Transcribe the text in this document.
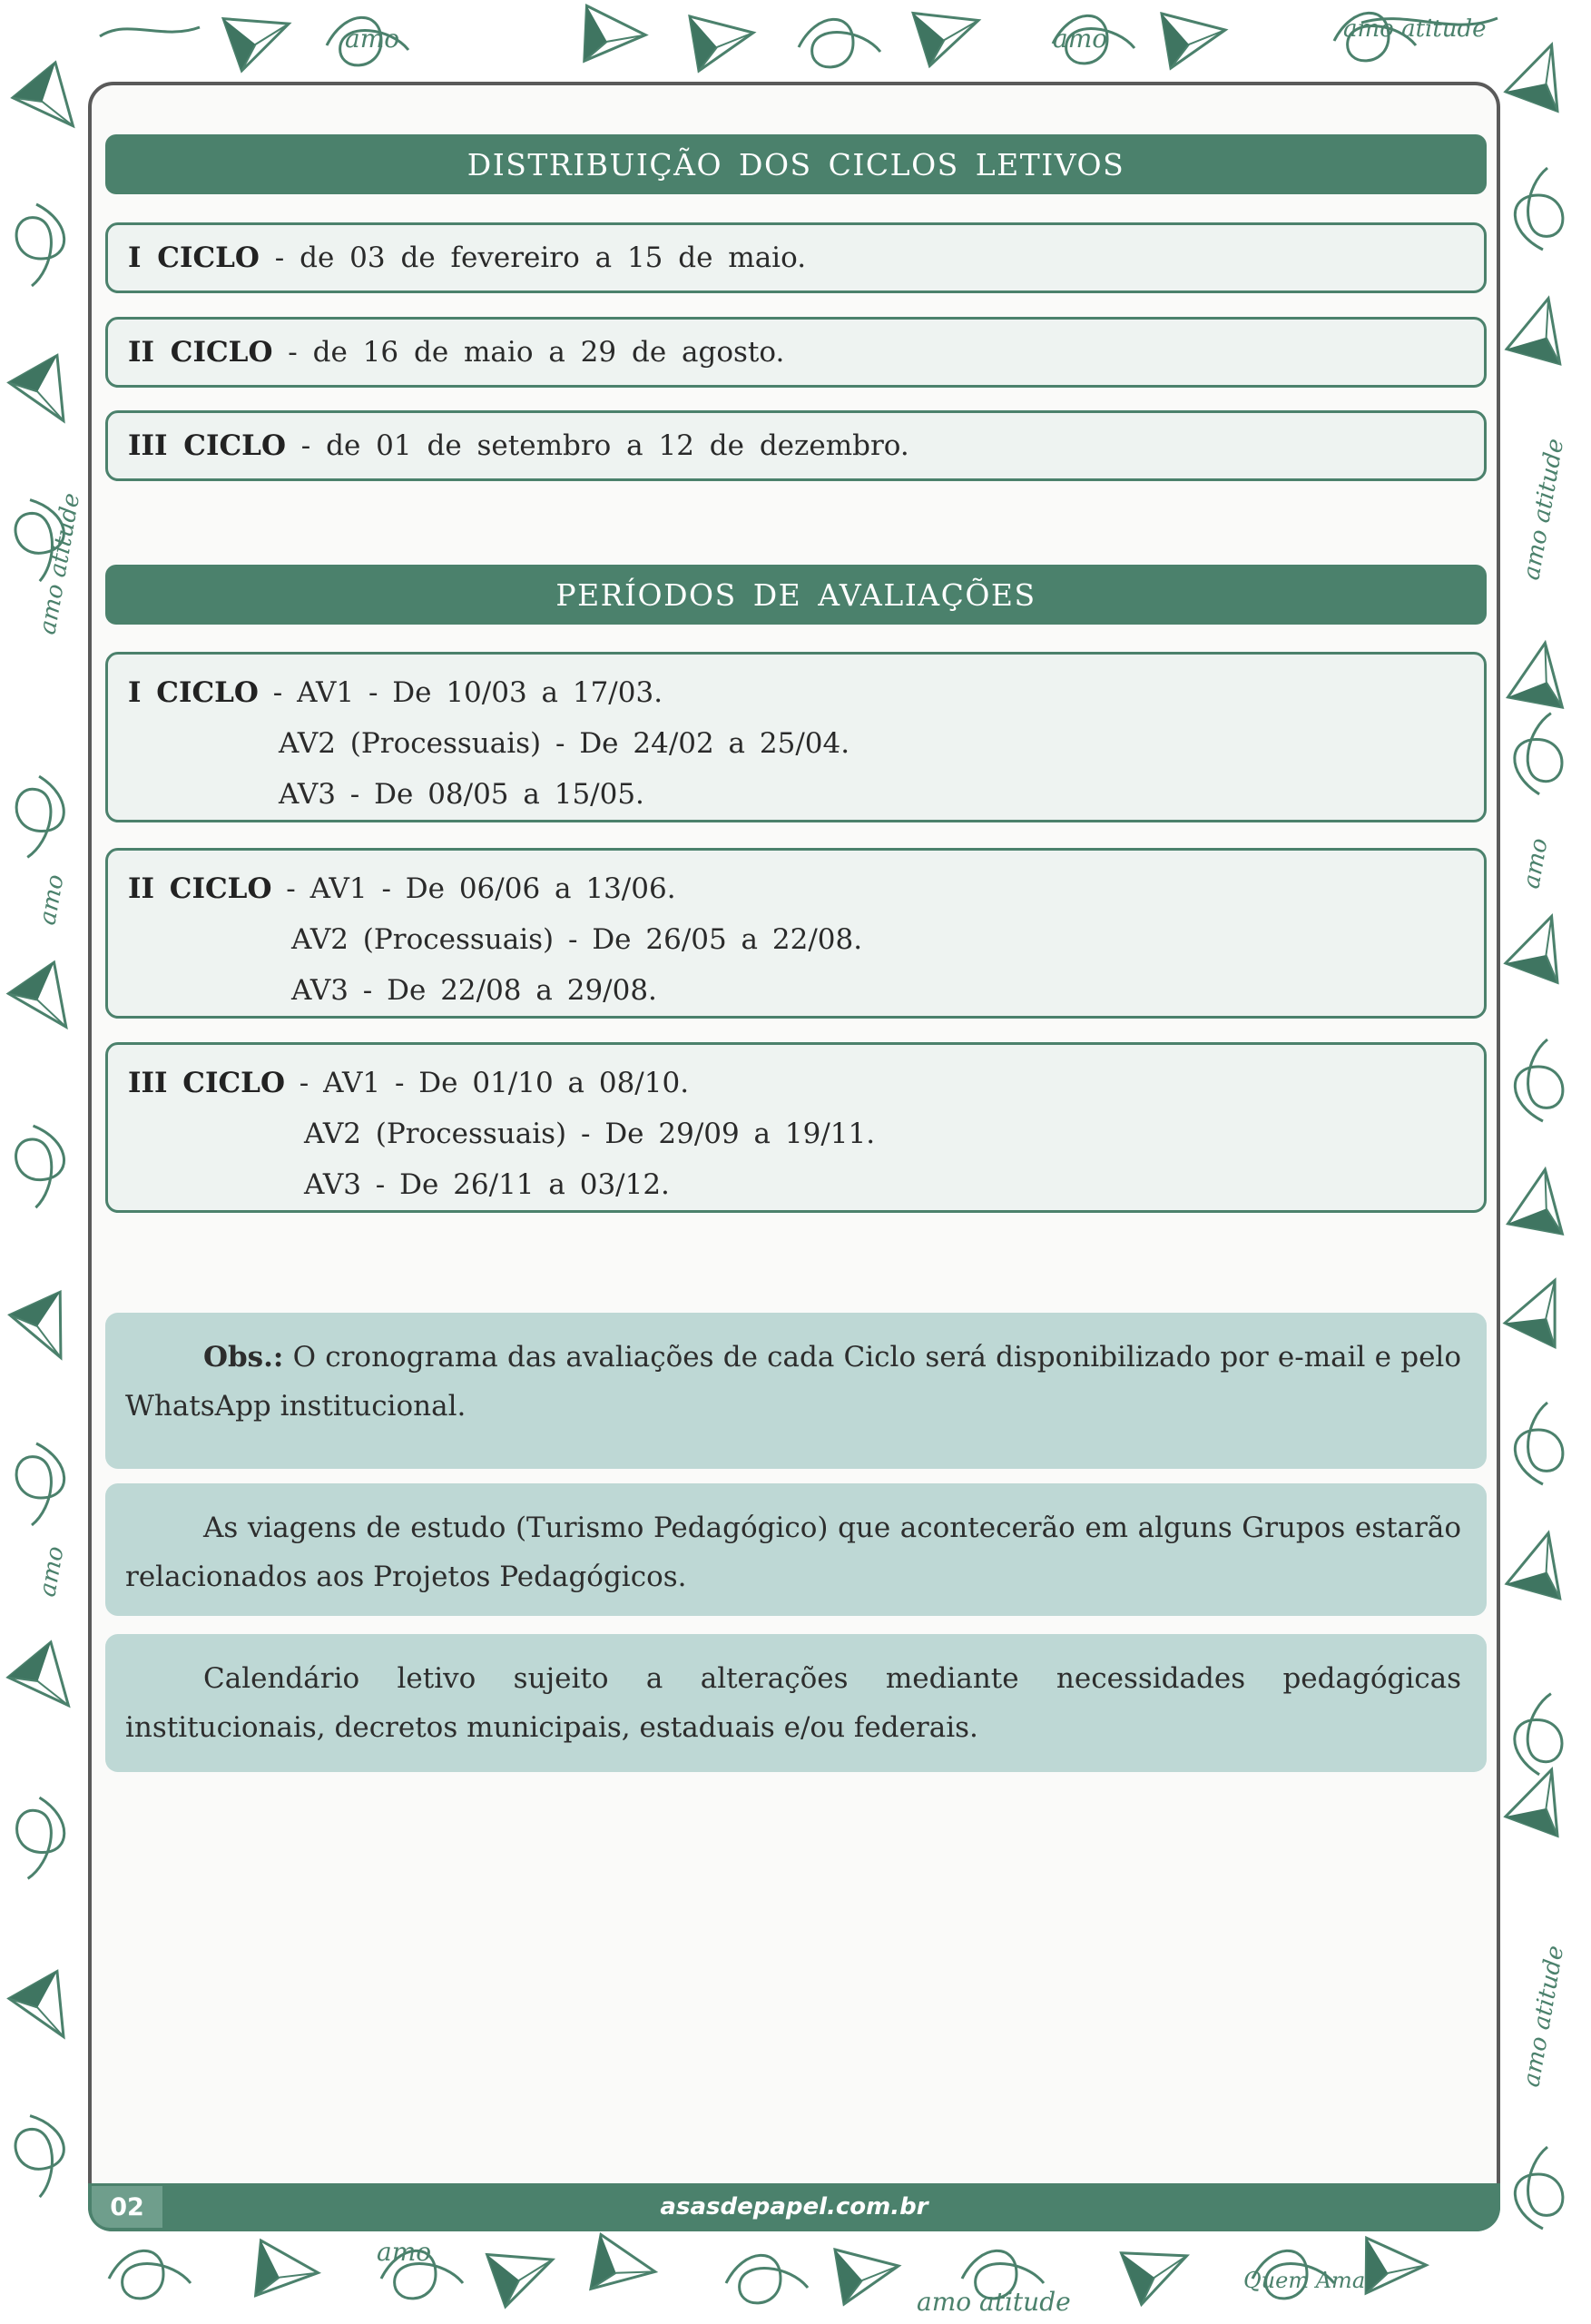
amo	amo	amo atitude
amo atitude
amo
amo
amo atitude
amo
amo atitude
amo
amo atitude
Quem Ama
DISTRIBUIÇÃO DOS CICLOS LETIVOS
I CICLO - de 03 de fevereiro a 15 de maio.
II CICLO - de 16 de maio a 29 de agosto.
III CICLO - de 01 de setembro a 12 de dezembro.
PERÍODOS DE AVALIAÇÕES
I CICLO - AV1 - De 10/03 a 17/03.
AV2 (Processuais) - De 24/02 a 25/04.
AV3 - De 08/05 a 15/05.
II CICLO - AV1 - De 06/06 a 13/06.
AV2 (Processuais) - De 26/05 a 22/08.
AV3 - De 22/08 a 29/08.
III CICLO - AV1 - De 01/10 a 08/10.
AV2 (Processuais) - De 29/09 a 19/11.
AV3 - De 26/11 a 03/12.
Obs.: O cronograma das avaliações de cada Ciclo será disponibilizado por e-mail e pelo WhatsApp institucional.
As viagens de estudo (Turismo Pedagógico) que acontecerão em alguns Grupos estarão relacionados aos Projetos Pedagógicos.
Calendário letivo sujeito a alterações mediante necessidades pedagógicas institucionais, decretos municipais, estaduais e/ou federais.
02	asasdepapel.com.br
